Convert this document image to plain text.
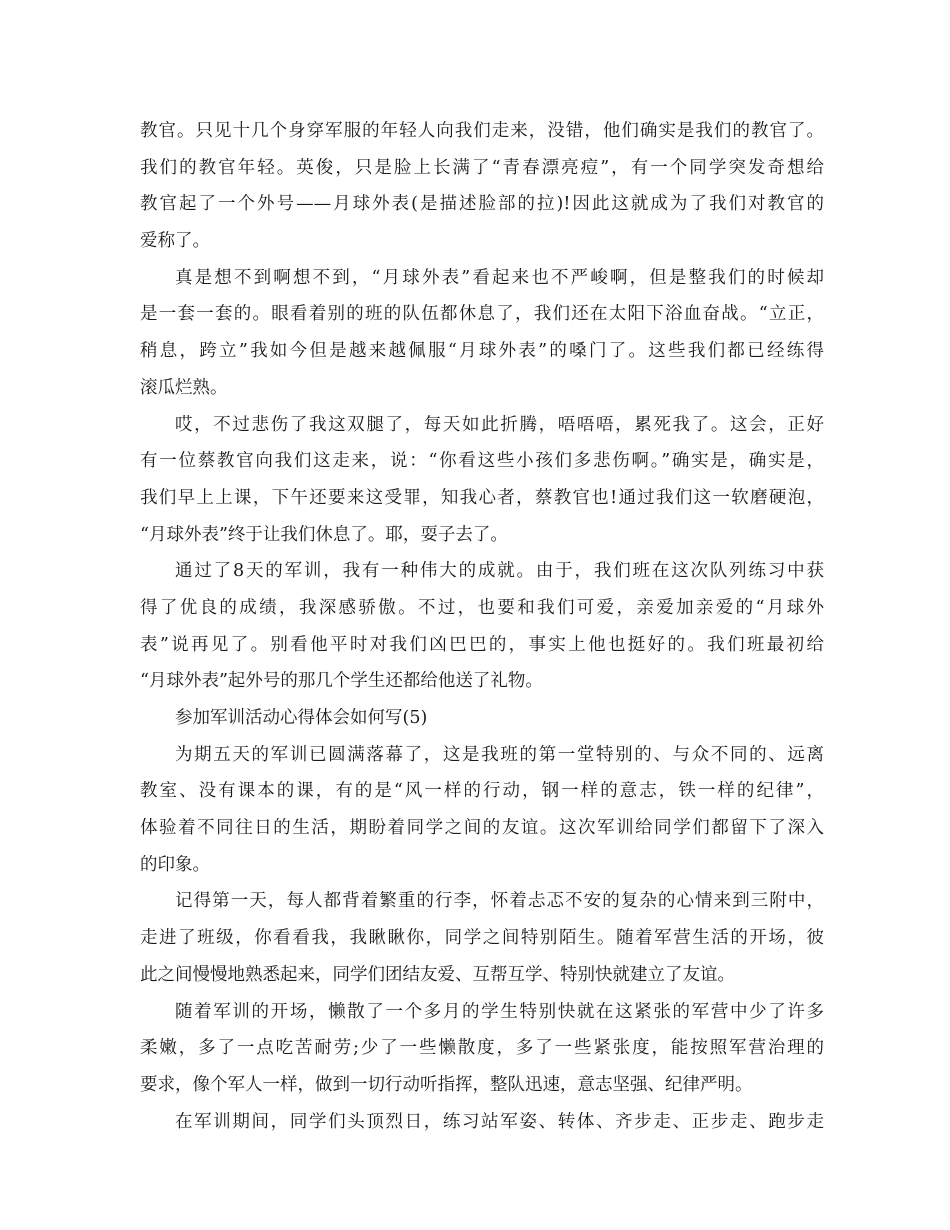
教官。只见十几个身穿军服的年轻人向我们走来，没错，他们确实是我们的教官了。
我们的教官年轻。英俊，只是脸上长满了“青春漂亮痘”，有一个同学突发奇想给
教官起了一个外号——月球外表(是描述脸部的拉)!因此这就成为了我们对教官的
爱称了。
真是想不到啊想不到，“月球外表”看起来也不严峻啊，但是整我们的时候却
是一套一套的。眼看着别的班的队伍都休息了，我们还在太阳下浴血奋战。“立正，
稍息，跨立”我如今但是越来越佩服“月球外表”的嗓门了。这些我们都已经练得
滚瓜烂熟。
哎，不过悲伤了我这双腿了，每天如此折腾，唔唔唔，累死我了。这会，正好
有一位蔡教官向我们这走来，说：“你看这些小孩们多悲伤啊。”确实是，确实是，
我们早上上课，下午还要来这受罪，知我心者，蔡教官也!通过我们这一软磨硬泡，
“月球外表”终于让我们休息了。耶，耍子去了。
通过了8天的军训，我有一种伟大的成就。由于，我们班在这次队列练习中获
得了优良的成绩，我深感骄傲。不过，也要和我们可爱，亲爱加亲爱的“月球外
表”说再见了。别看他平时对我们凶巴巴的，事实上他也挺好的。我们班最初给
“月球外表”起外号的那几个学生还都给他送了礼物。
参加军训活动心得体会如何写(5)
为期五天的军训已圆满落幕了，这是我班的第一堂特别的、与众不同的、远离
教室、没有课本的课，有的是“风一样的行动，钢一样的意志，铁一样的纪律”，
体验着不同往日的生活，期盼着同学之间的友谊。这次军训给同学们都留下了深入
的印象。
记得第一天，每人都背着繁重的行李，怀着忐忑不安的复杂的心情来到三附中，
走进了班级，你看看我，我瞅瞅你，同学之间特别陌生。随着军营生活的开场，彼
此之间慢慢地熟悉起来，同学们团结友爱、互帮互学、特别快就建立了友谊。
随着军训的开场，懒散了一个多月的学生特别快就在这紧张的军营中少了许多
柔嫩，多了一点吃苦耐劳;少了一些懒散度，多了一些紧张度，能按照军营治理的
要求，像个军人一样，做到一切行动听指挥，整队迅速，意志坚强、纪律严明。
在军训期间，同学们头顶烈日，练习站军姿、转体、齐步走、正步走、跑步走
